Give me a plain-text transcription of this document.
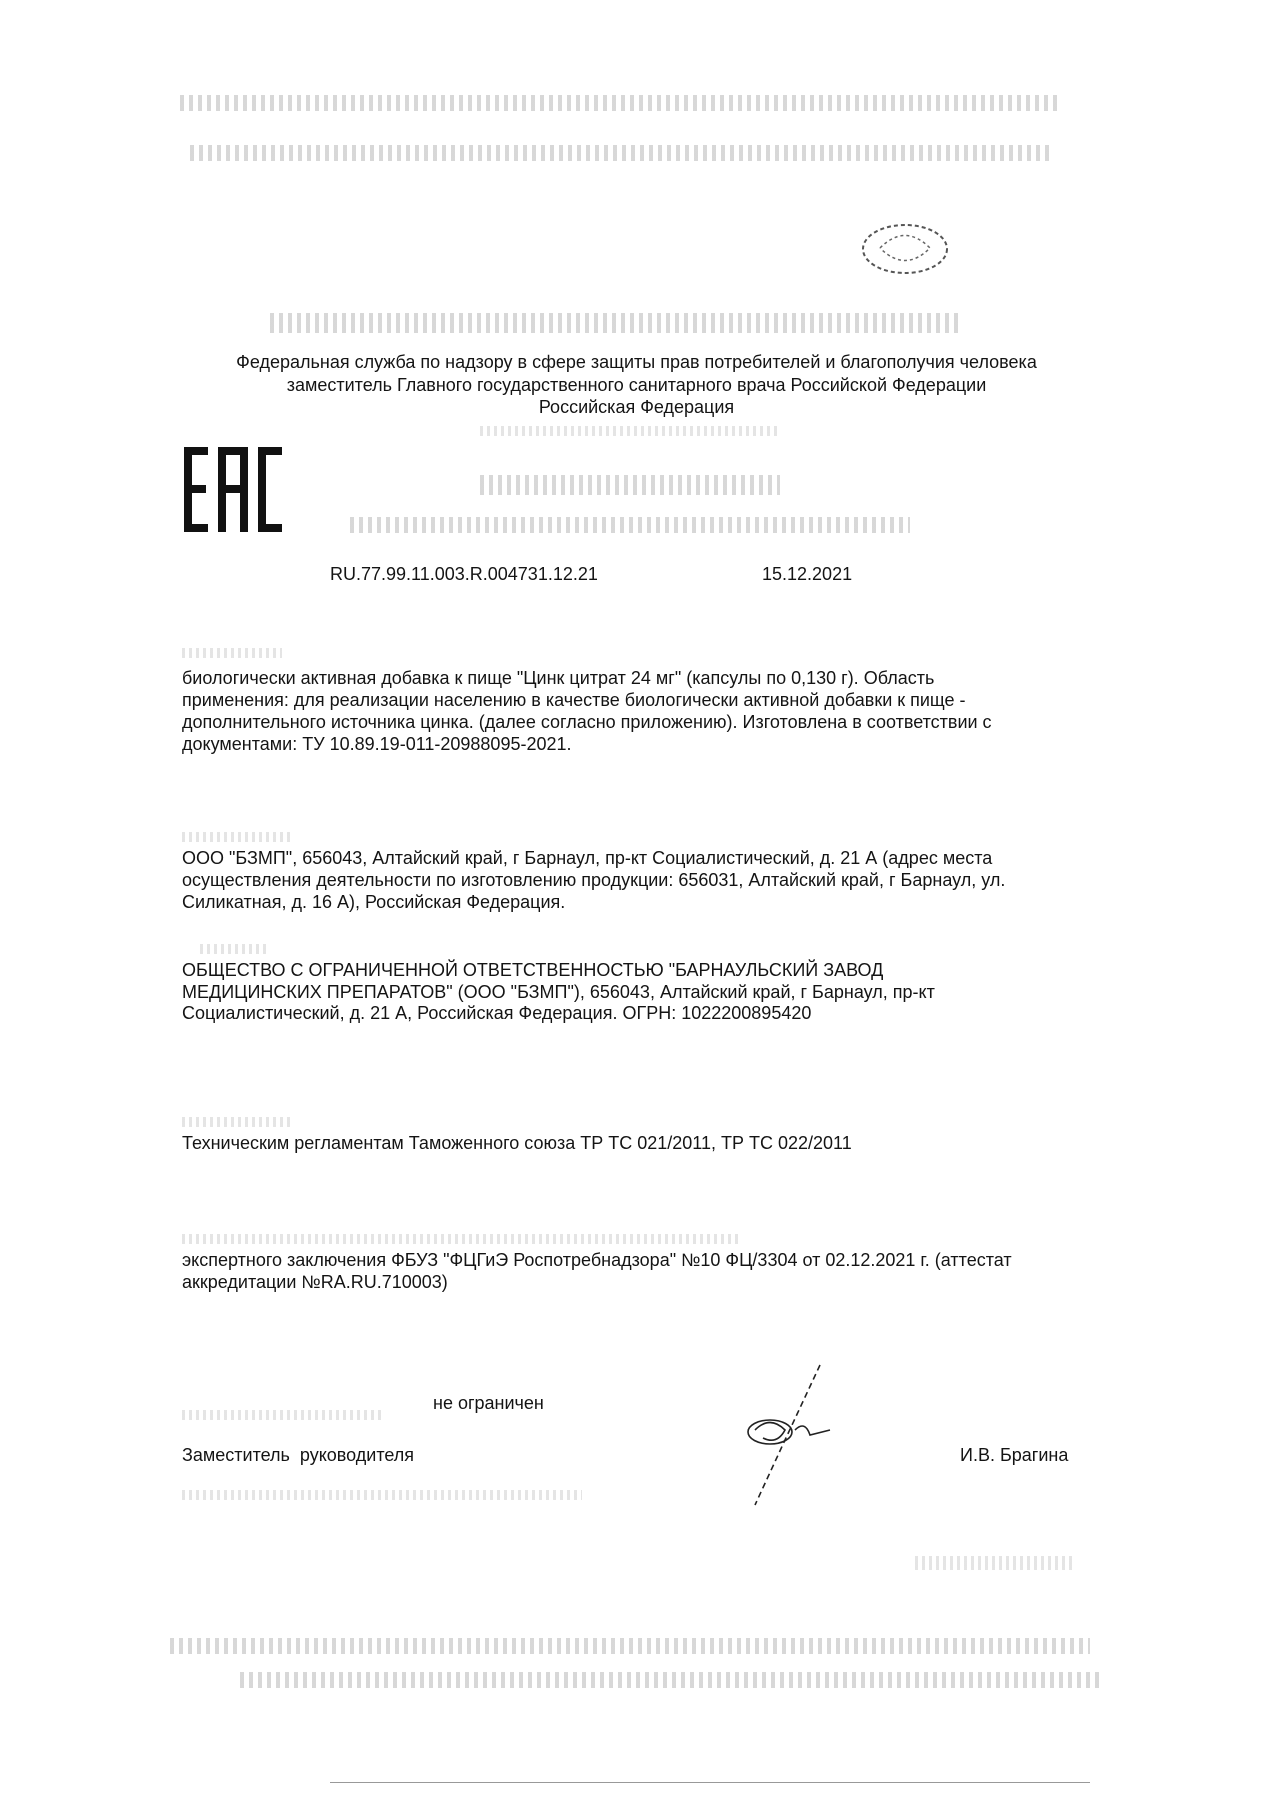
Федеральная служба по надзору в сфере защиты прав потребителей и благополучия человека
заместитель Главного государственного санитарного врача Российской Федерации
Российская Федерация
RU.77.99.11.003.R.004731.12.21	15.12.2021
биологически активная добавка к пище "Цинк цитрат 24 мг" (капсулы по 0,130 г). Область
применения: для реализации населению в качестве биологически активной добавки к пище -
дополнительного источника цинка. (далее согласно приложению). Изготовлена в соответствии с
документами: ТУ 10.89.19-011-20988095-2021.
ООО "БЗМП", 656043, Алтайский край, г Барнаул, пр-кт Социалистический, д. 21 А (адрес места
осуществления деятельности по изготовлению продукции: 656031, Алтайский край, г Барнаул, ул.
Силикатная, д. 16 А), Российская Федерация.
ОБЩЕСТВО С ОГРАНИЧЕННОЙ ОТВЕТСТВЕННОСТЬЮ "БАРНАУЛЬСКИЙ ЗАВОД
МЕДИЦИНСКИХ ПРЕПАРАТОВ" (ООО "БЗМП"), 656043, Алтайский край, г Барнаул, пр-кт
Социалистический, д. 21 А, Российская Федерация. ОГРН: 1022200895420
Техническим регламентам Таможенного союза ТР ТС 021/2011, ТР ТС 022/2011
экспертного заключения ФБУЗ "ФЦГиЭ Роспотребнадзора" №10 ФЦ/3304 от 02.12.2021 г. (аттестат
аккредитации №RA.RU.710003)
не ограничен
Заместитель  руководителя	И.В. Брагина
